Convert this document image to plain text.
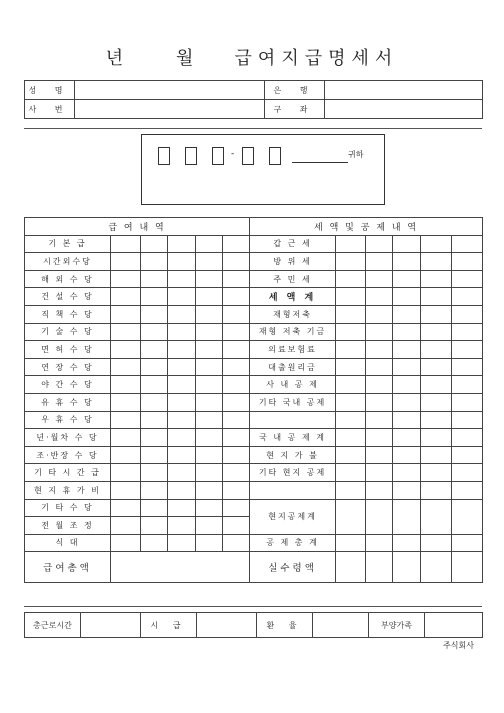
년    월   급여지급명세서
성 명		은 행	
사 번		구 좌	
-	귀하
급 여 내 역						세 액 및 공 제 내 역					
기 본 급						갑 근 세					
시간외수당						방 위 세					
해 외 수 당						주 민 세					
건 설 수 당						세 액 계					
직 책 수 당						재형저축					
기 술 수 당						재형 저축 기금					
면 허 수 당						의료보험료					
연 장 수 당						대출원리금					
야 간 수 당						사 내 공 제					
유 휴 수 당						기타 국내 공제					
우 휴 수 당											
년·월차 수 당						국 내 공 제 계					
조·반장 수 당						현 지 가 불					
기 타 시 간 급						기타 현지 공제					
현 지 휴 가 비											
기 타 수 당						현지공제계					
전 월 조 정											
식 대						공 제 총 계					
급여총액						실수령액					
총근로시간		시 급		환 율		부양가족	
주식회사
